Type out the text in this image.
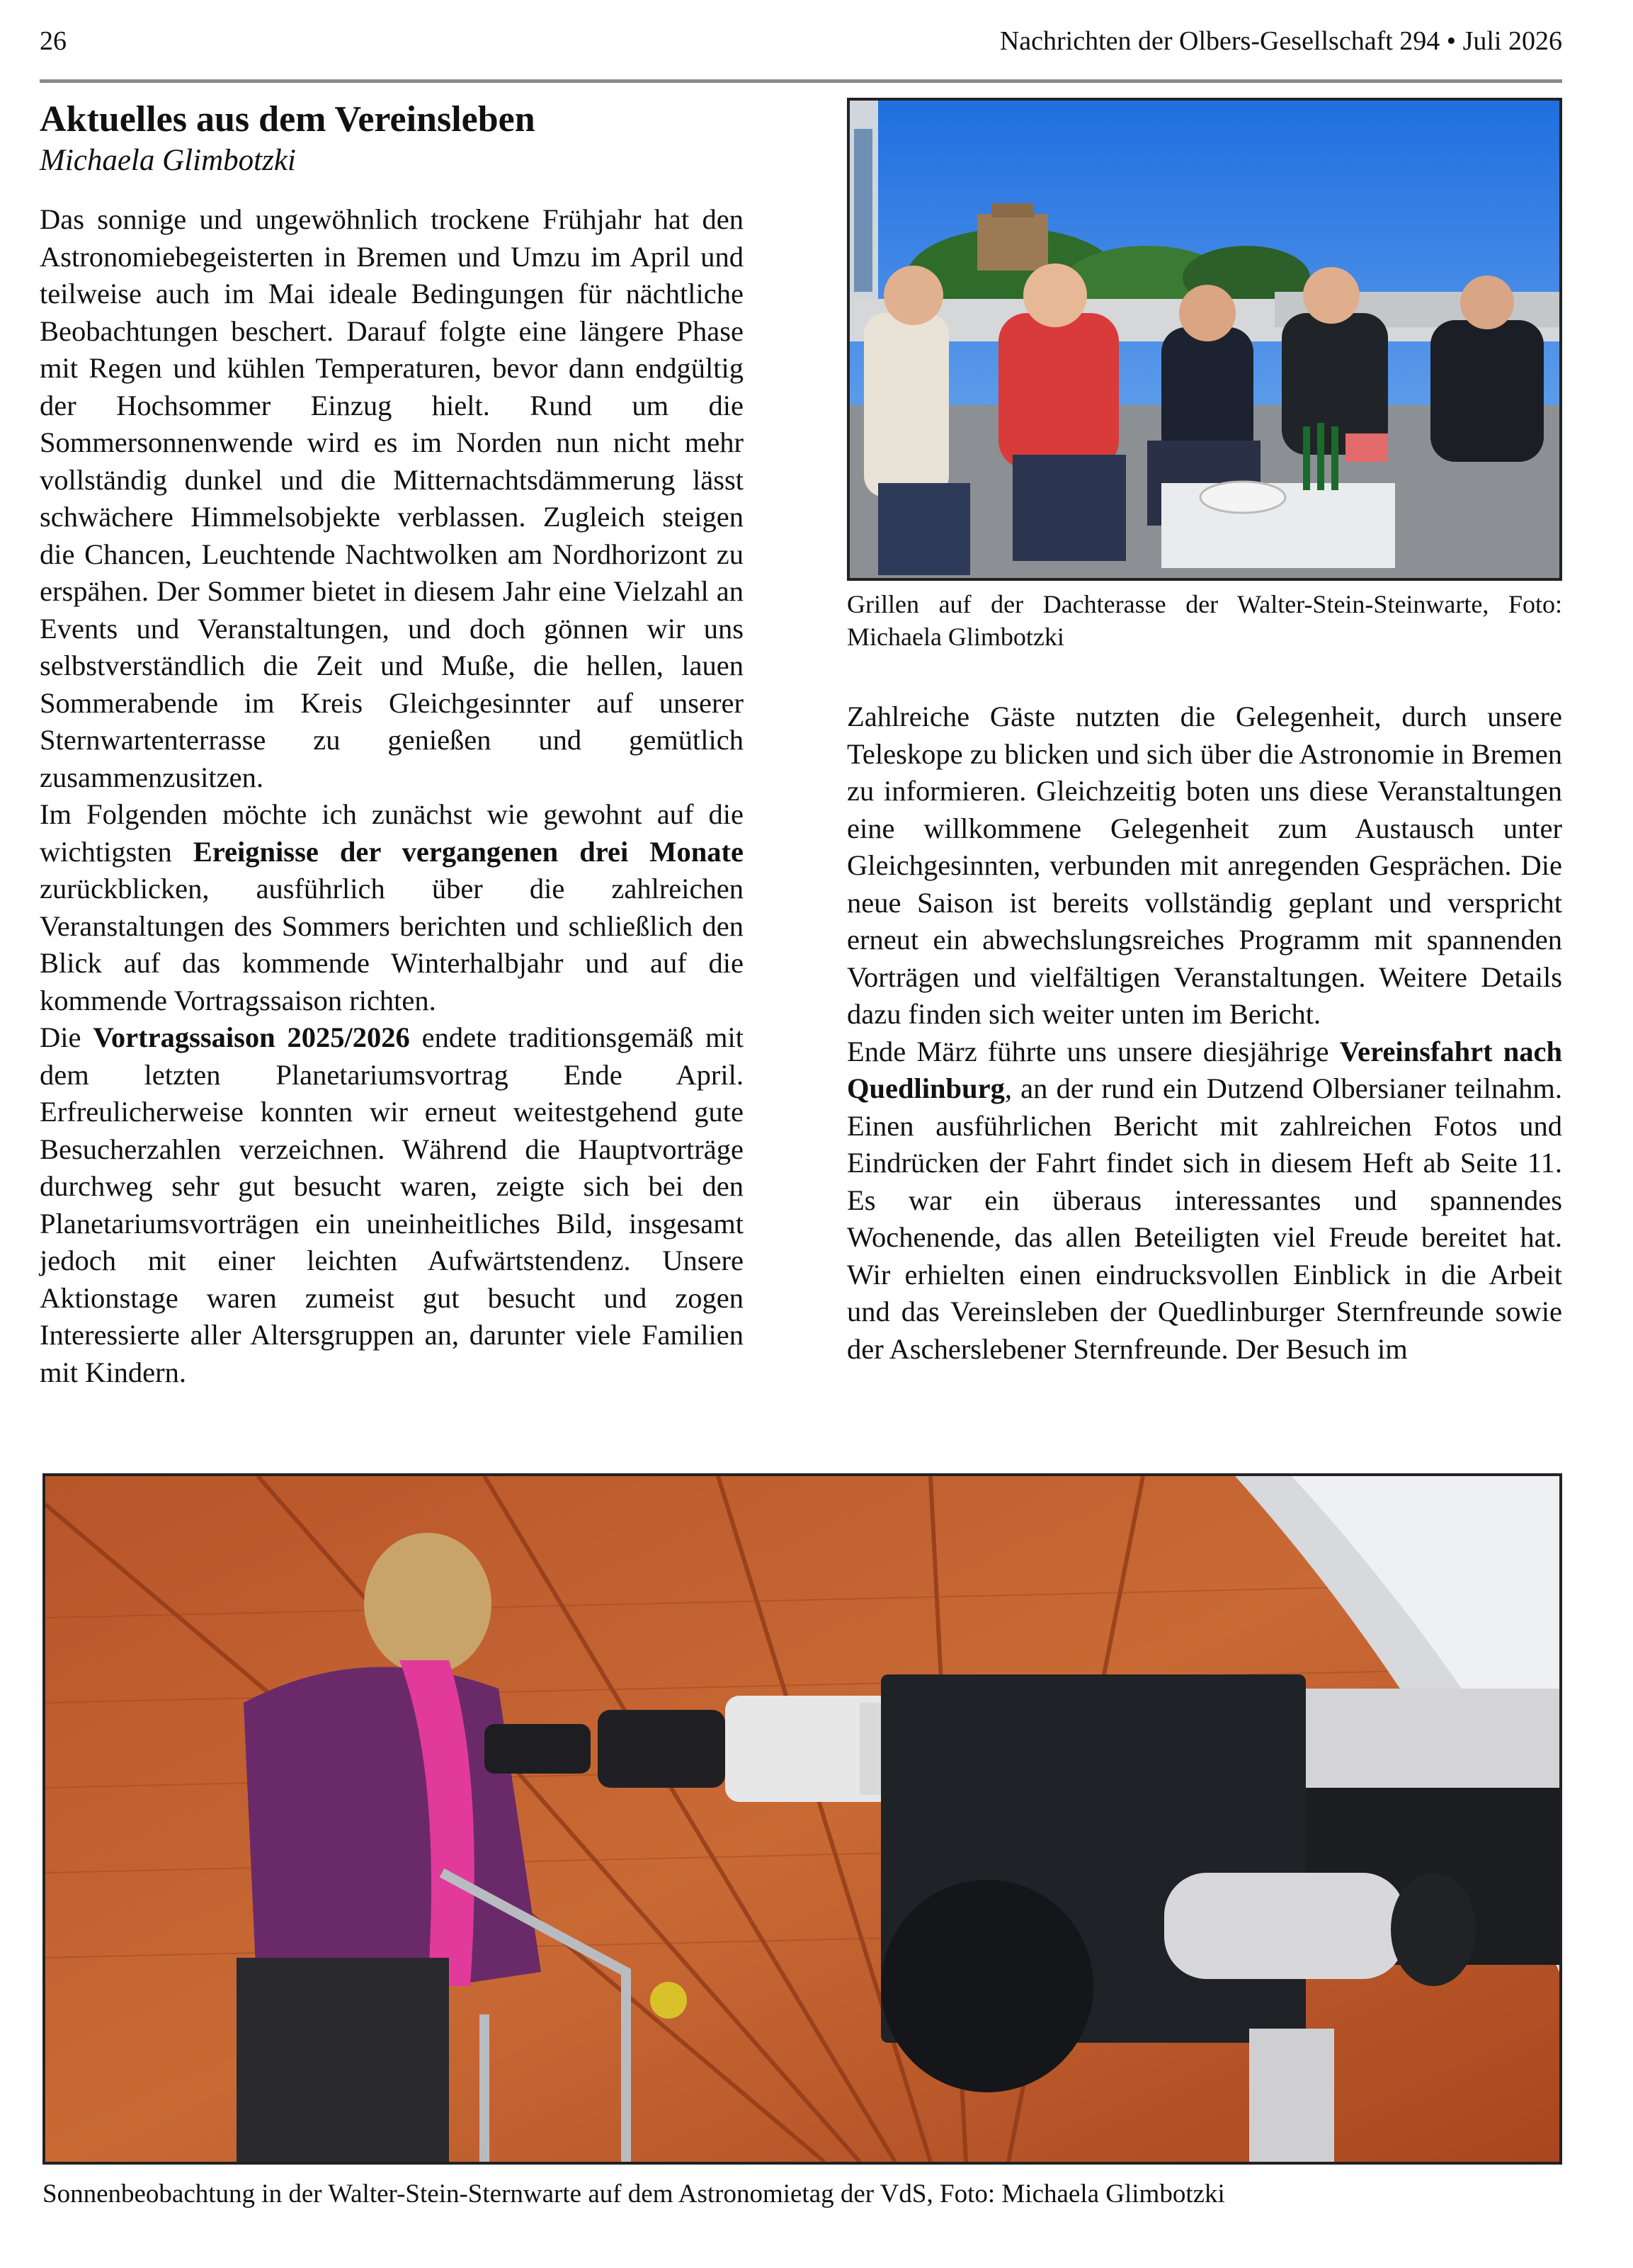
26	Nachrichten der Olbers-Gesellschaft 294 • Juli 2026
Aktuelles aus dem Vereinsleben

Michaela Glimbotzki

Das sonnige und ungewöhnlich trockene Frühjahr hat den Astronomiebegeisterten in Bremen und Umzu im April und teilweise auch im Mai ideale Bedingungen für nächtliche Beobachtungen beschert. Darauf folgte eine längere Phase mit Regen und kühlen Temperaturen, bevor dann endgültig der Hochsommer Einzug hielt. Rund um die Sommersonnenwende wird es im Norden nun nicht mehr vollständig dunkel und die Mitternachtsdämmerung lässt schwächere Himmelsobjekte verblassen. Zugleich steigen die Chancen, Leuchtende Nachtwolken am Nordhorizont zu erspähen. Der Sommer bietet in diesem Jahr eine Vielzahl an Events und Veranstaltungen, und doch gönnen wir uns selbstverständlich die Zeit und Muße, die hellen, lauen Sommerabende im Kreis Gleichgesinnter auf unserer Sternwartenterrasse zu genießen und gemütlich zusammenzusitzen.

Im Folgenden möchte ich zunächst wie gewohnt auf die wichtigsten Ereignisse der vergangenen drei Monate zurückblicken, ausführlich über die zahlreichen Veranstaltungen des Sommers berichten und schließlich den Blick auf das kommende Winterhalbjahr und auf die kommende Vortragssaison richten.

Die Vortragssaison 2025/2026 endete traditionsgemäß mit dem letzten Planetariumsvortrag Ende April. Erfreulicherweise konnten wir erneut weitestgehend gute Besucherzahlen verzeichnen. Während die Hauptvorträge durchweg sehr gut besucht waren, zeigte sich bei den Planetariumsvorträgen ein uneinheitliches Bild, insgesamt jedoch mit einer leichten Aufwärtstendenz. Unsere Aktionstage waren zumeist gut besucht und zogen Interessierte aller Altersgruppen an, darunter viele Familien mit Kindern.

Grillen auf der Dachterasse der Walter-Stein-Steinwarte, Foto: Michaela Glimbotzki

Zahlreiche Gäste nutzten die Gelegenheit, durch unsere Teleskope zu blicken und sich über die Astronomie in Bremen zu informieren. Gleichzeitig boten uns diese Veranstaltungen eine willkommene Gelegenheit zum Austausch unter Gleichgesinnten, verbunden mit anregenden Gesprächen. Die neue Saison ist bereits vollständig geplant und verspricht erneut ein abwechslungsreiches Programm mit spannenden Vorträgen und vielfältigen Veranstaltungen. Weitere Details dazu finden sich weiter unten im Bericht.

Ende März führte uns unsere diesjährige Vereinsfahrt nach Quedlinburg, an der rund ein Dutzend Olbersianer teilnahm. Einen ausführlichen Bericht mit zahlreichen Fotos und Eindrücken der Fahrt findet sich in diesem Heft ab Seite 11. Es war ein überaus interessantes und spannendes Wochenende, das allen Beteiligten viel Freude bereitet hat. Wir erhielten einen eindrucksvollen Einblick in die Arbeit und das Vereinsleben der Quedlinburger Sternfreunde sowie der Ascherslebener Sternfreunde. Der Besuch im

Sonnenbeobachtung in der Walter-Stein-Sternwarte auf dem Astronomietag der VdS, Foto: Michaela Glimbotzki
